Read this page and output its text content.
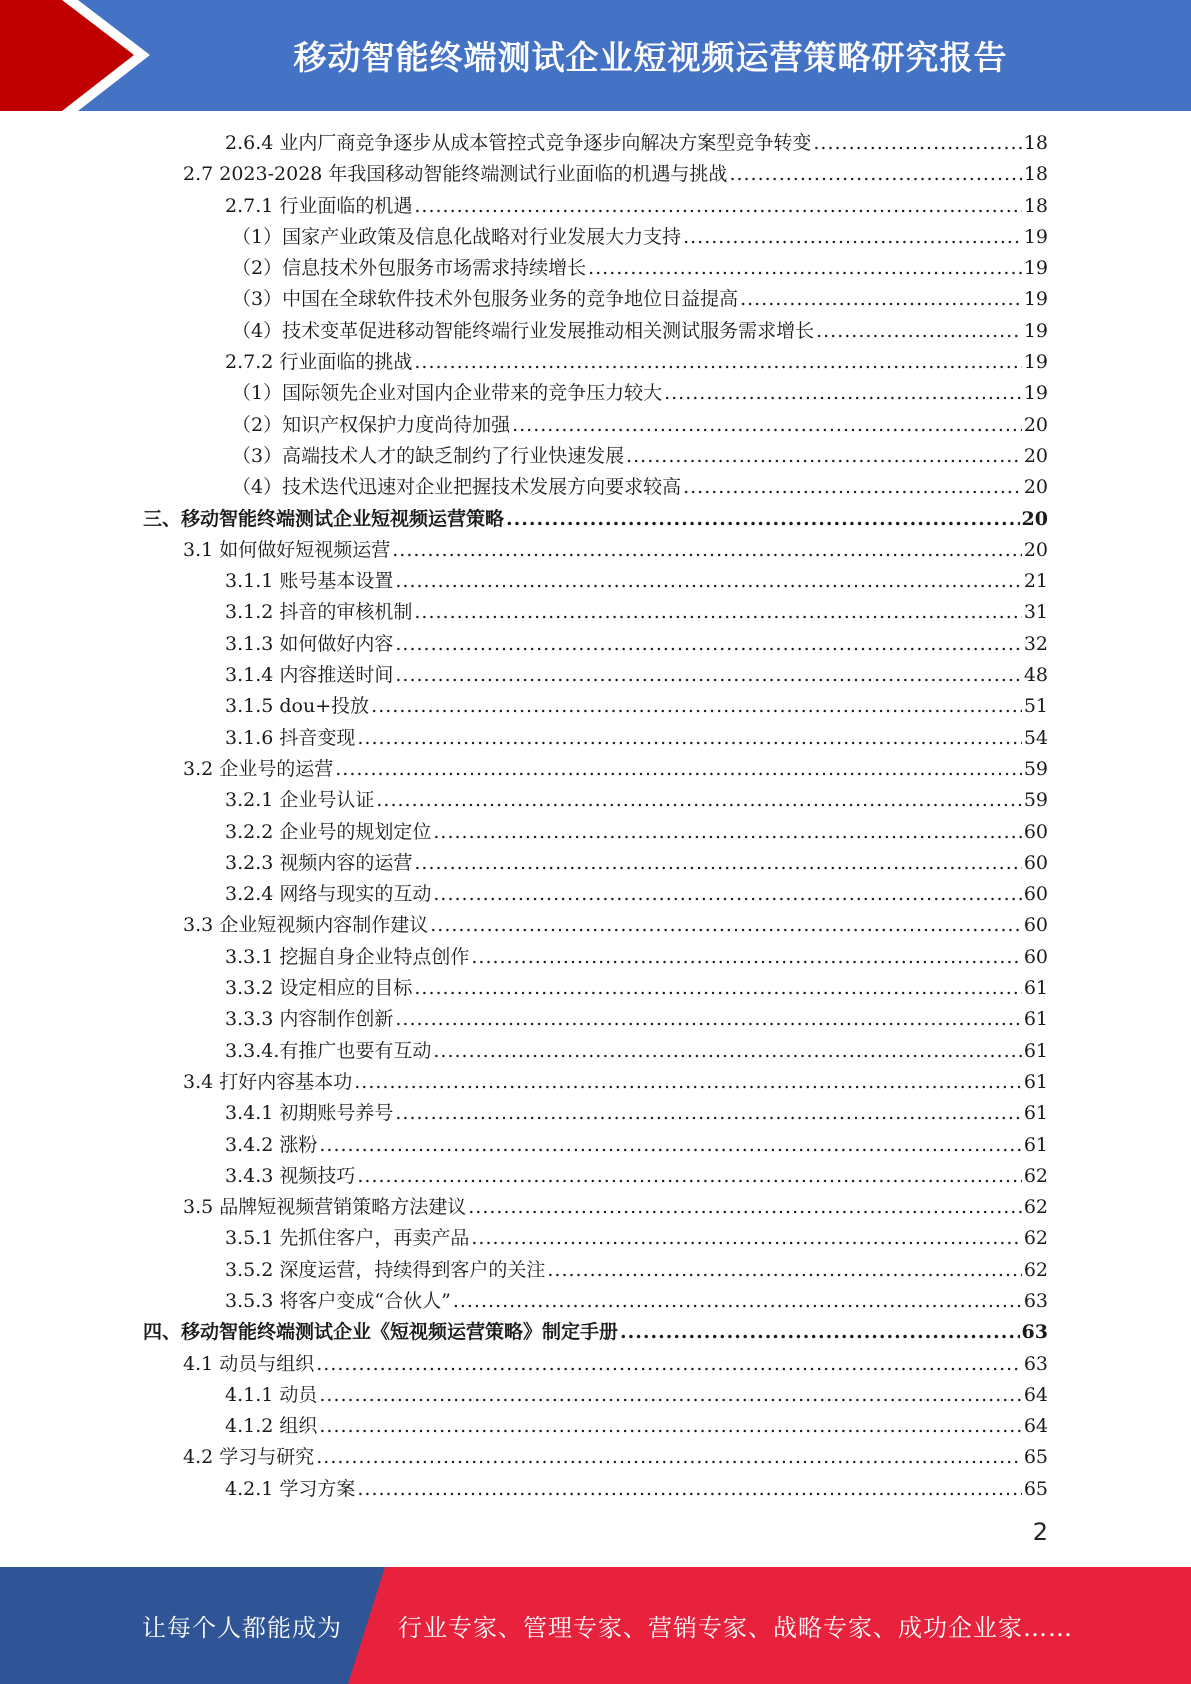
移动智能终端测试企业短视频运营策略研究报告
2.6.4 业内厂商竞争逐步从成本管控式竞争逐步向解决方案型竞争转变 .....	18
2.7 2023-2028 年我国移动智能终端测试行业面临的机遇与挑战 .....	18
2.7.1 行业面临的机遇 .....	18
（1）国家产业政策及信息化战略对行业发展大力支持 .....	19
（2）信息技术外包服务市场需求持续增长 .....	19
（3）中国在全球软件技术外包服务业务的竞争地位日益提高 .....	19
（4）技术变革促进移动智能终端行业发展推动相关测试服务需求增长 .....	19
2.7.2 行业面临的挑战 .....	19
（1）国际领先企业对国内企业带来的竞争压力较大 .....	19
（2）知识产权保护力度尚待加强 .....	20
（3）高端技术人才的缺乏制约了行业快速发展 .....	20
（4）技术迭代迅速对企业把握技术发展方向要求较高 .....	20
三、移动智能终端测试企业短视频运营策略 .....	20
3.1 如何做好短视频运营 .....	20
3.1.1 账号基本设置 .....	21
3.1.2 抖音的审核机制 .....	31
3.1.3 如何做好内容 .....	32
3.1.4 内容推送时间 .....	48
3.1.5 dou+投放 .....	51
3.1.6 抖音变现 .....	54
3.2 企业号的运营 .....	59
3.2.1 企业号认证 .....	59
3.2.2 企业号的规划定位 .....	60
3.2.3 视频内容的运营 .....	60
3.2.4 网络与现实的互动 .....	60
3.3 企业短视频内容制作建议 .....	60
3.3.1 挖掘自身企业特点创作 .....	60
3.3.2 设定相应的目标 .....	61
3.3.3 内容制作创新 .....	61
3.3.4.有推广也要有互动 .....	61
3.4 打好内容基本功 .....	61
3.4.1 初期账号养号 .....	61
3.4.2 涨粉 .....	61
3.4.3 视频技巧 .....	62
3.5 品牌短视频营销策略方法建议 .....	62
3.5.1 先抓住客户，再卖产品 .....	62
3.5.2 深度运营，持续得到客户的关注 .....	62
3.5.3 将客户变成“合伙人” .....	63
四、移动智能终端测试企业《短视频运营策略》制定手册 .....	63
4.1 动员与组织 .....	63
4.1.1 动员 .....	64
4.1.2 组织 .....	64
4.2 学习与研究 .....	65
4.2.1 学习方案 .....	65
2
让每个人都能成为 行业专家、管理专家、营销专家、战略专家、成功企业家……
